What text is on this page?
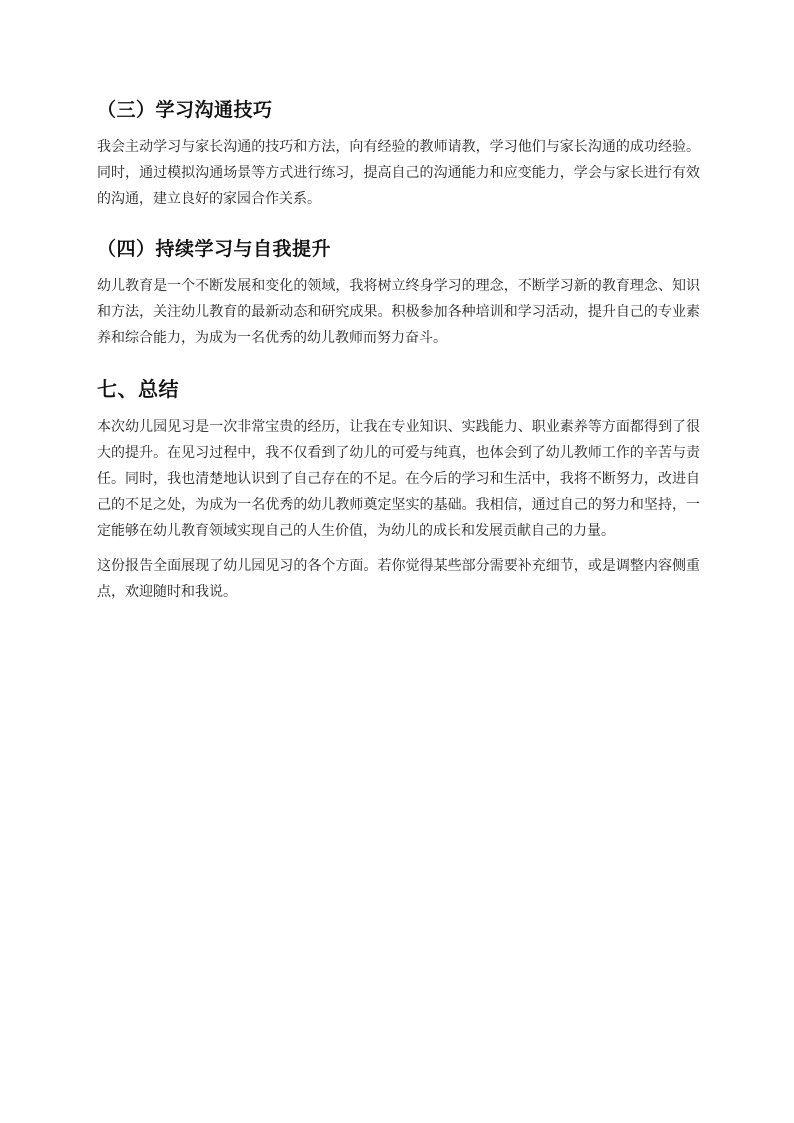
（三）学习沟通技巧

我会主动学习与家长沟通的技巧和方法，向有经验的教师请教，学习他们与家长沟通的成功经验。同时，通过模拟沟通场景等方式进行练习，提高自己的沟通能力和应变能力，学会与家长进行有效的沟通，建立良好的家园合作关系。

（四）持续学习与自我提升

幼儿教育是一个不断发展和变化的领域，我将树立终身学习的理念，不断学习新的教育理念、知识和方法，关注幼儿教育的最新动态和研究成果。积极参加各种培训和学习活动，提升自己的专业素养和综合能力，为成为一名优秀的幼儿教师而努力奋斗。

七、总结

本次幼儿园见习是一次非常宝贵的经历，让我在专业知识、实践能力、职业素养等方面都得到了很大的提升。在见习过程中，我不仅看到了幼儿的可爱与纯真，也体会到了幼儿教师工作的辛苦与责任。同时，我也清楚地认识到了自己存在的不足。在今后的学习和生活中，我将不断努力，改进自己的不足之处，为成为一名优秀的幼儿教师奠定坚实的基础。我相信，通过自己的努力和坚持，一定能够在幼儿教育领域实现自己的人生价值，为幼儿的成长和发展贡献自己的力量。

这份报告全面展现了幼儿园见习的各个方面。若你觉得某些部分需要补充细节，或是调整内容侧重点，欢迎随时和我说。
